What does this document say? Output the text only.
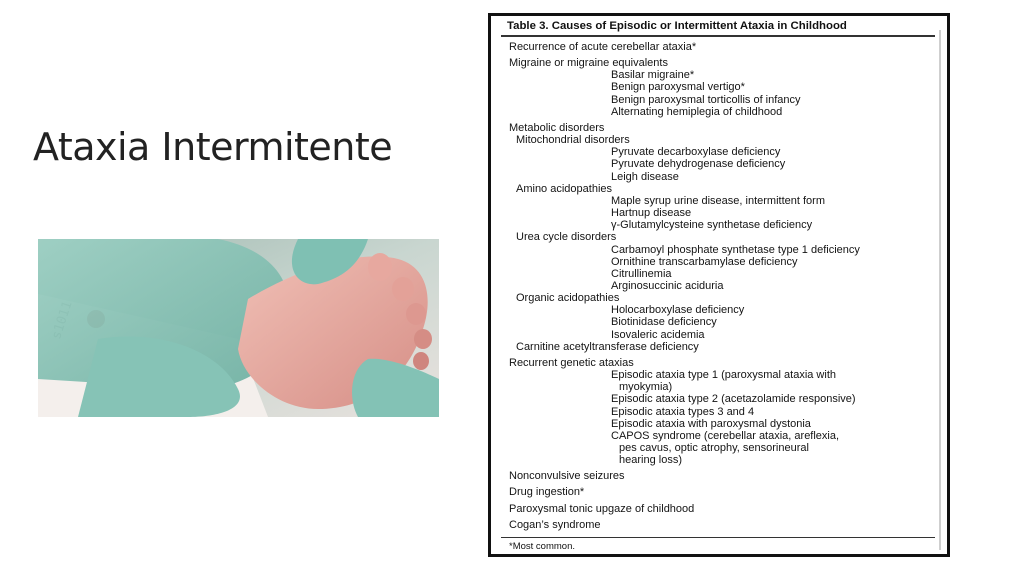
Ataxia Intermitente
Table 3. Causes of Episodic or Intermittent Ataxia in Childhood
Recurrence of acute cerebellar ataxia*
Migraine or migraine equivalents
Basilar migraine*
Benign paroxysmal vertigo*
Benign paroxysmal torticollis of infancy
Alternating hemiplegia of childhood
Metabolic disorders
Mitochondrial disorders
Pyruvate decarboxylase deficiency
Pyruvate dehydrogenase deficiency
Leigh disease
Amino acidopathies
Maple syrup urine disease, intermittent form
Hartnup disease
γ-Glutamylcysteine synthetase deficiency
Urea cycle disorders
Carbamoyl phosphate synthetase type 1 deficiency
Ornithine transcarbamylase deficiency
Citrullinemia
Arginosuccinic aciduria
Organic acidopathies
Holocarboxylase deficiency
Biotinidase deficiency
Isovaleric acidemia
Carnitine acetyltransferase deficiency
Recurrent genetic ataxias
Episodic ataxia type 1 (paroxysmal ataxia with
myokymia)
Episodic ataxia type 2 (acetazolamide responsive)
Episodic ataxia types 3 and 4
Episodic ataxia with paroxysmal dystonia
CAPOS syndrome (cerebellar ataxia, areflexia,
pes cavus, optic atrophy, sensorineural
hearing loss)
Nonconvulsive seizures
Drug ingestion*
Paroxysmal tonic upgaze of childhood
Cogan’s syndrome
*Most common.
